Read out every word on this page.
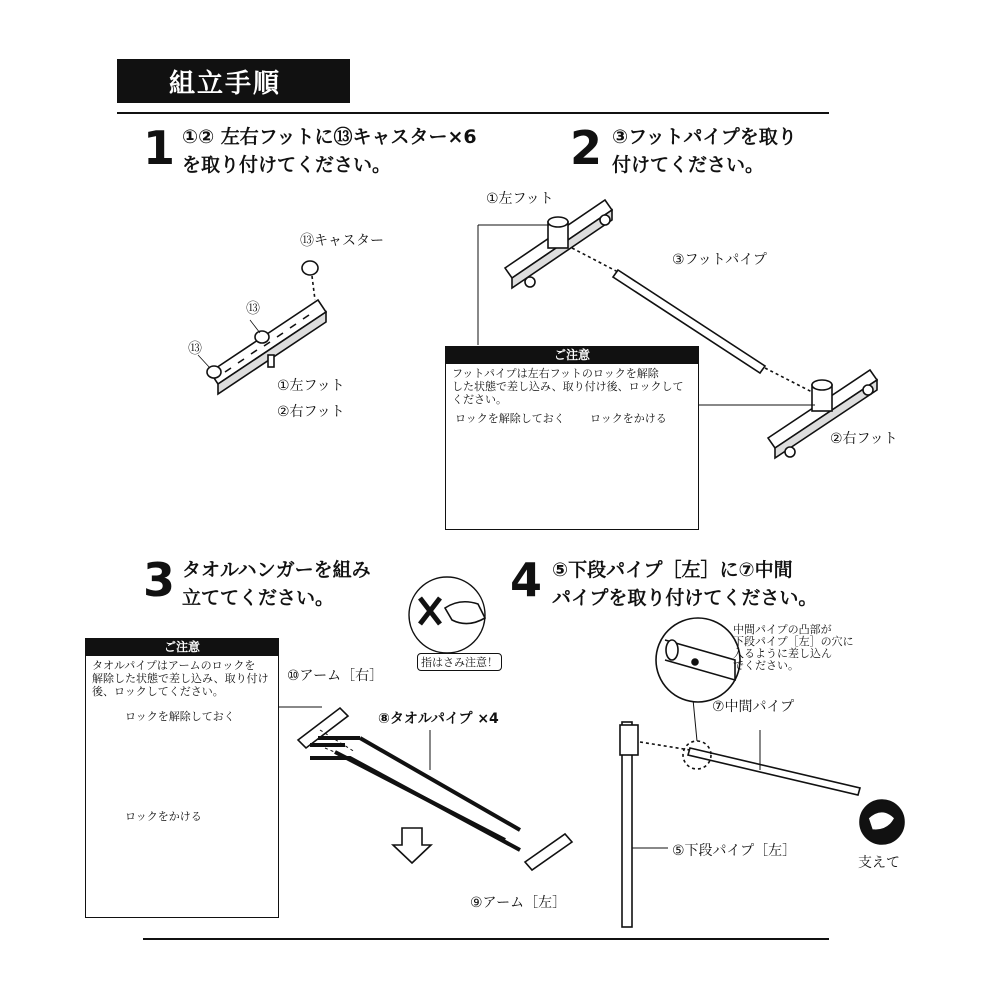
組立手順
1 ①② 左右フットに⑬キャスター×6
を取り付けてください。
⑬キャスター
⑬
⑬
①左フット
②右フット
2 ③フットパイプを取り
付けてください。
①左フット
③フットパイプ
②右フット
ご注意
フットパイプは左右フットのロックを解除
した状態で差し込み、取り付け後、ロックして
ください。
ロックを解除しておく ロックをかける
3 タオルハンガーを組み
立ててください。
指はさみ注意！
⑩アーム［右］
⑧タオルパイプ ×4
⑨アーム［左］
ご注意
タオルパイプはアームのロックを
解除した状態で差し込み、取り付け
後、ロックしてください。
ロックを解除しておく
ロックをかける
4 ⑤下段パイプ［左］に⑦中間
パイプを取り付けてください。
中間パイプの凸部が
下段パイプ［左］の穴に
入るように差し込ん
でください。
⑦中間パイプ
⑤下段パイプ［左］
支えて
